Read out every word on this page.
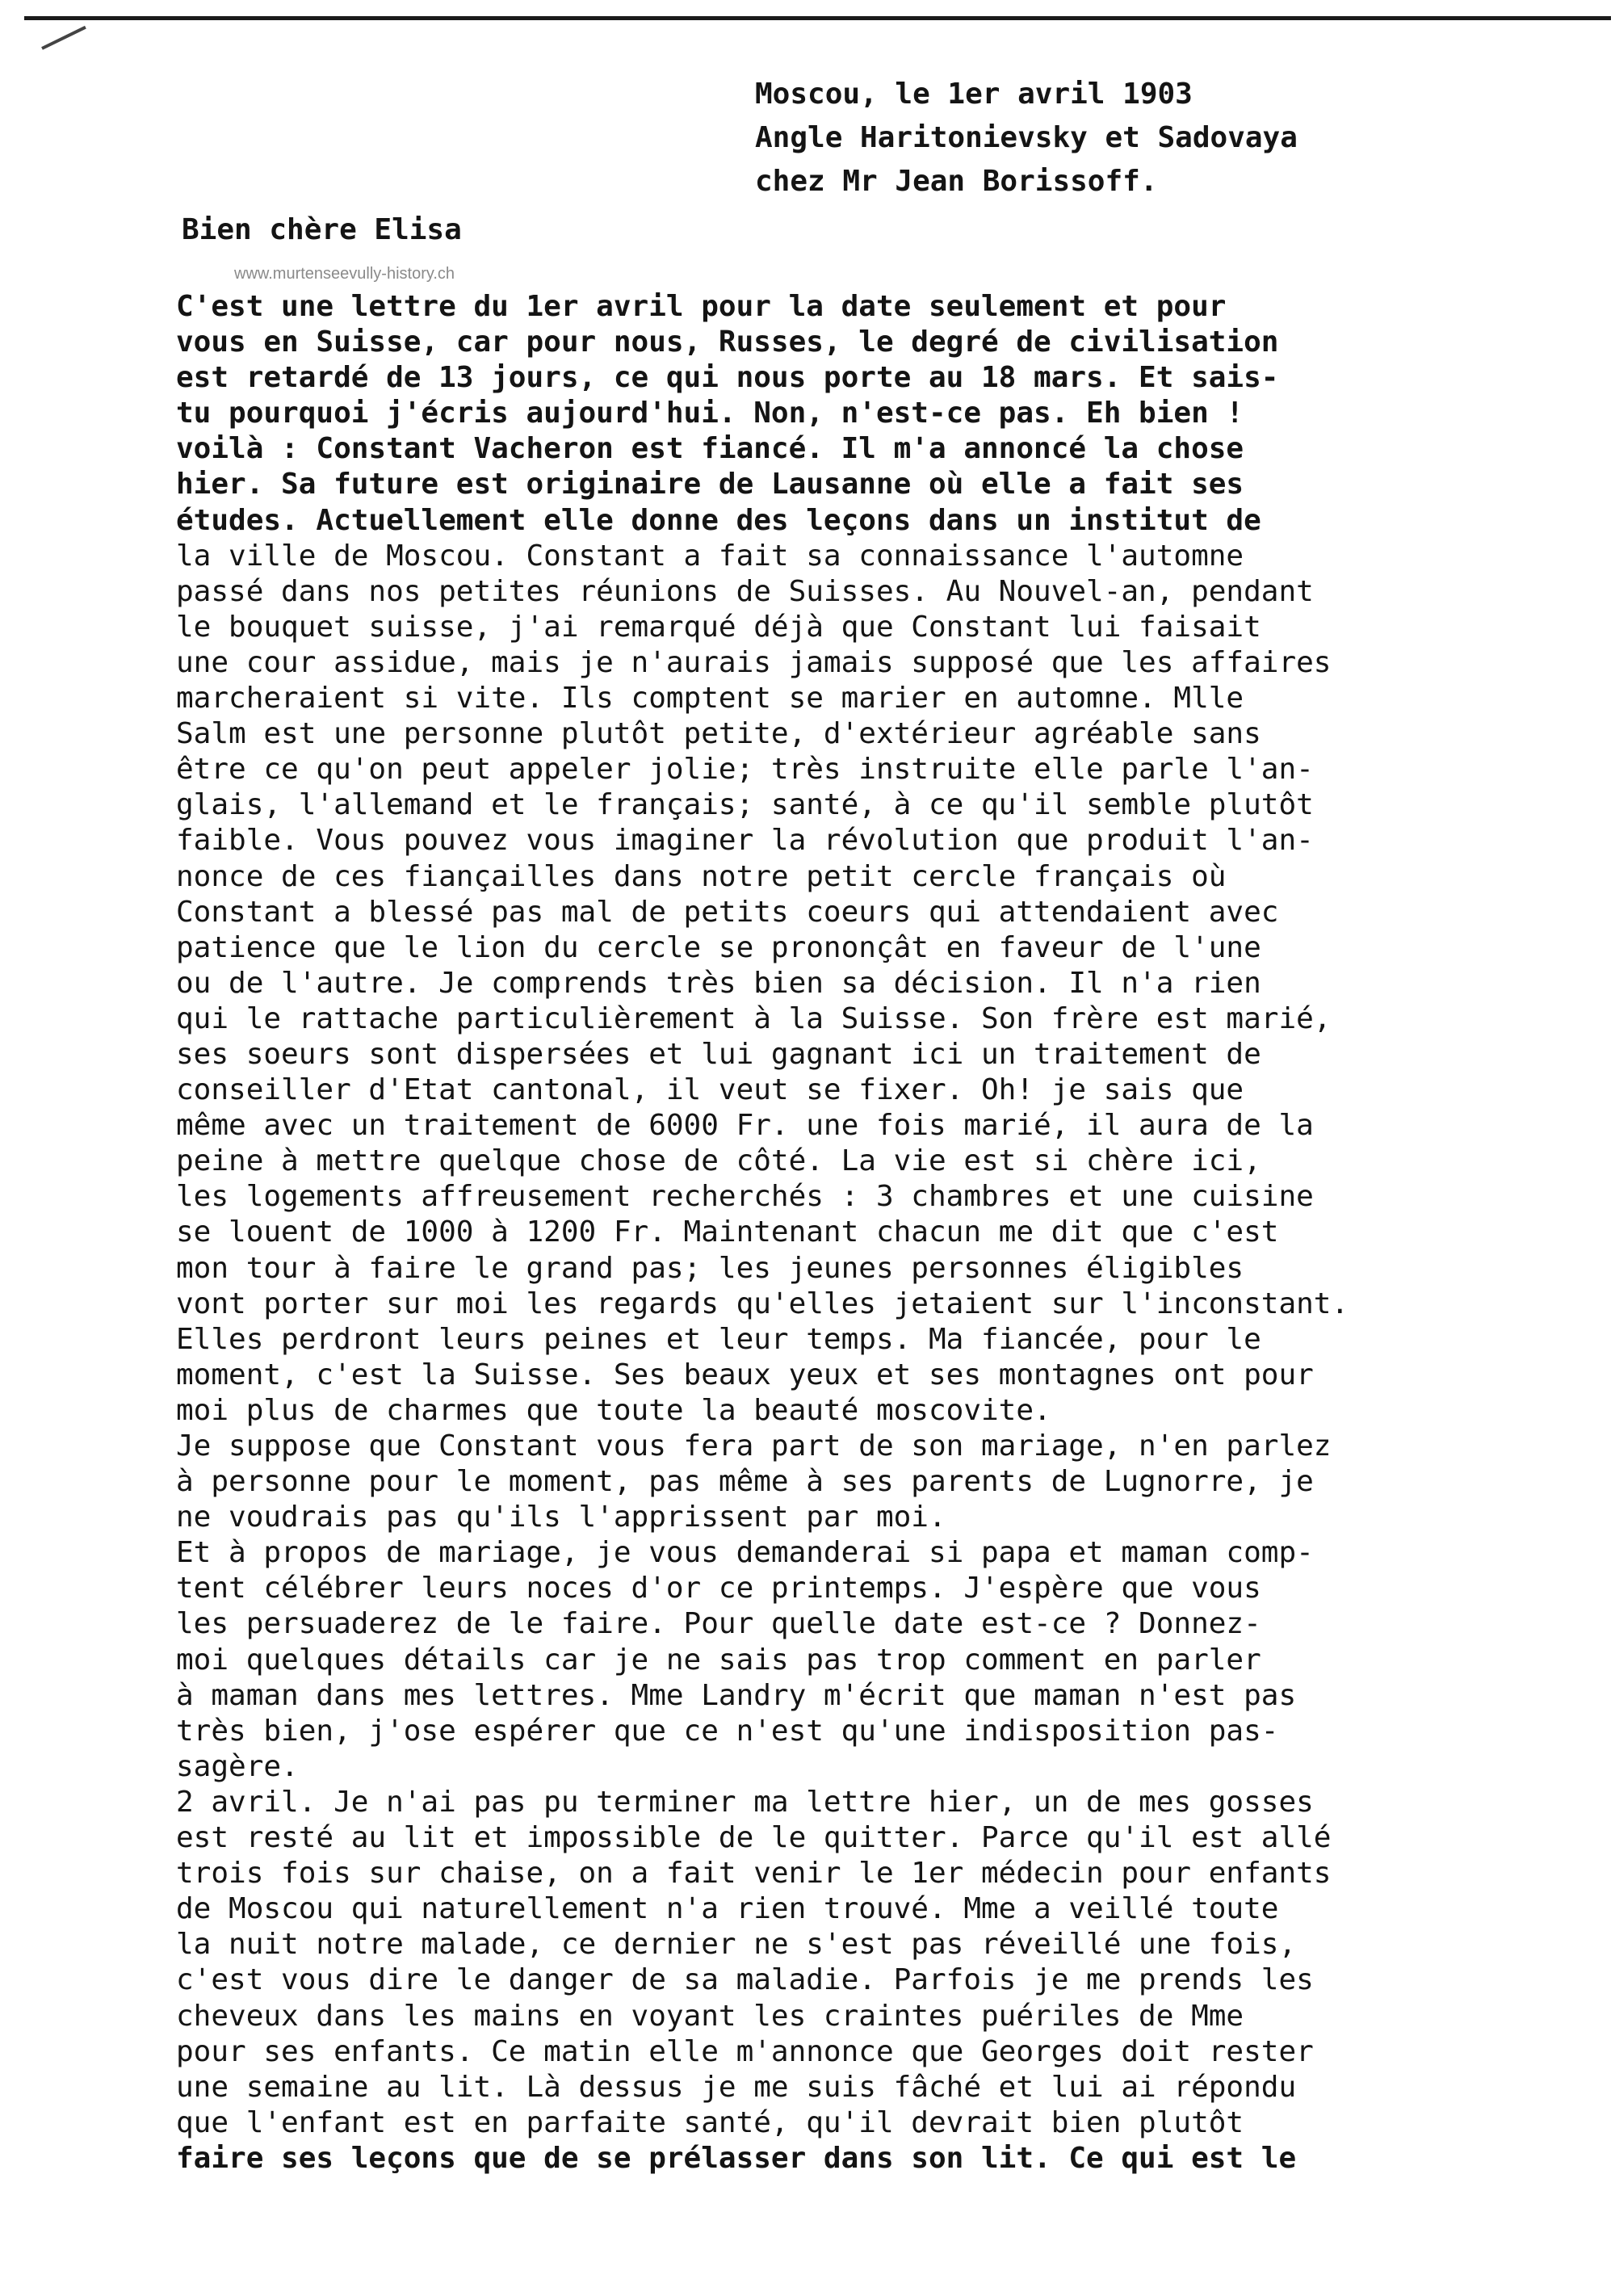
Moscou, le 1er avril 1903
Angle Haritonievsky et Sadovaya
chez Mr Jean Borissoff.
Bien chère Elisa
www.murtenseevully-history.ch
C'est une lettre du 1er avril pour la date seulement et pour
vous en Suisse, car pour nous, Russes, le degré de civilisation
est retardé de 13 jours, ce qui nous porte au 18 mars. Et sais-
tu pourquoi j'écris aujourd'hui. Non, n'est-ce pas. Eh bien !
voilà : Constant Vacheron est fiancé. Il m'a annoncé la chose
hier. Sa future est originaire de Lausanne où elle a fait ses
études. Actuellement elle donne des leçons dans un institut de
la ville de Moscou. Constant a fait sa connaissance l'automne
passé dans nos petites réunions de Suisses. Au Nouvel-an, pendant
le bouquet suisse, j'ai remarqué déjà que Constant lui faisait
une cour assidue, mais je n'aurais jamais supposé que les affaires
marcheraient si vite. Ils comptent se marier en automne. Mlle
Salm est une personne plutôt petite, d'extérieur agréable sans
être ce qu'on peut appeler jolie; très instruite elle parle l'an-
glais, l'allemand et le français; santé, à ce qu'il semble plutôt
faible. Vous pouvez vous imaginer la révolution que produit l'an-
nonce de ces fiançailles dans notre petit cercle français où
Constant a blessé pas mal de petits coeurs qui attendaient avec
patience que le lion du cercle se prononçât en faveur de l'une
ou de l'autre. Je comprends très bien sa décision. Il n'a rien
qui le rattache particulièrement à la Suisse. Son frère est marié,
ses soeurs sont dispersées et lui gagnant ici un traitement de
conseiller d'Etat cantonal, il veut se fixer. Oh! je sais que
même avec un traitement de 6000 Fr. une fois marié, il aura de la
peine à mettre quelque chose de côté. La vie est si chère ici,
les logements affreusement recherchés : 3 chambres et une cuisine
se louent de 1000 à 1200 Fr. Maintenant chacun me dit que c'est
mon tour à faire le grand pas; les jeunes personnes éligibles
vont porter sur moi les regards qu'elles jetaient sur l'inconstant.
Elles perdront leurs peines et leur temps. Ma fiancée, pour le
moment, c'est la Suisse. Ses beaux yeux et ses montagnes ont pour
moi plus de charmes que toute la beauté moscovite.
Je suppose que Constant vous fera part de son mariage, n'en parlez
à personne pour le moment, pas même à ses parents de Lugnorre, je
ne voudrais pas qu'ils l'apprissent par moi.
Et à propos de mariage, je vous demanderai si papa et maman comp-
tent célébrer leurs noces d'or ce printemps. J'espère que vous
les persuaderez de le faire. Pour quelle date est-ce ? Donnez-
moi quelques détails car je ne sais pas trop comment en parler
à maman dans mes lettres. Mme Landry m'écrit que maman n'est pas
très bien, j'ose espérer que ce n'est qu'une indisposition pas-
sagère.
2 avril. Je n'ai pas pu terminer ma lettre hier, un de mes gosses
est resté au lit et impossible de le quitter. Parce qu'il est allé
trois fois sur chaise, on a fait venir le 1er médecin pour enfants
de Moscou qui naturellement n'a rien trouvé. Mme a veillé toute
la nuit notre malade, ce dernier ne s'est pas réveillé une fois,
c'est vous dire le danger de sa maladie. Parfois je me prends les
cheveux dans les mains en voyant les craintes puériles de Mme
pour ses enfants. Ce matin elle m'annonce que Georges doit rester
une semaine au lit. Là dessus je me suis fâché et lui ai répondu
que l'enfant est en parfaite santé, qu'il devrait bien plutôt
faire ses leçons que de se prélasser dans son lit. Ce qui est le
